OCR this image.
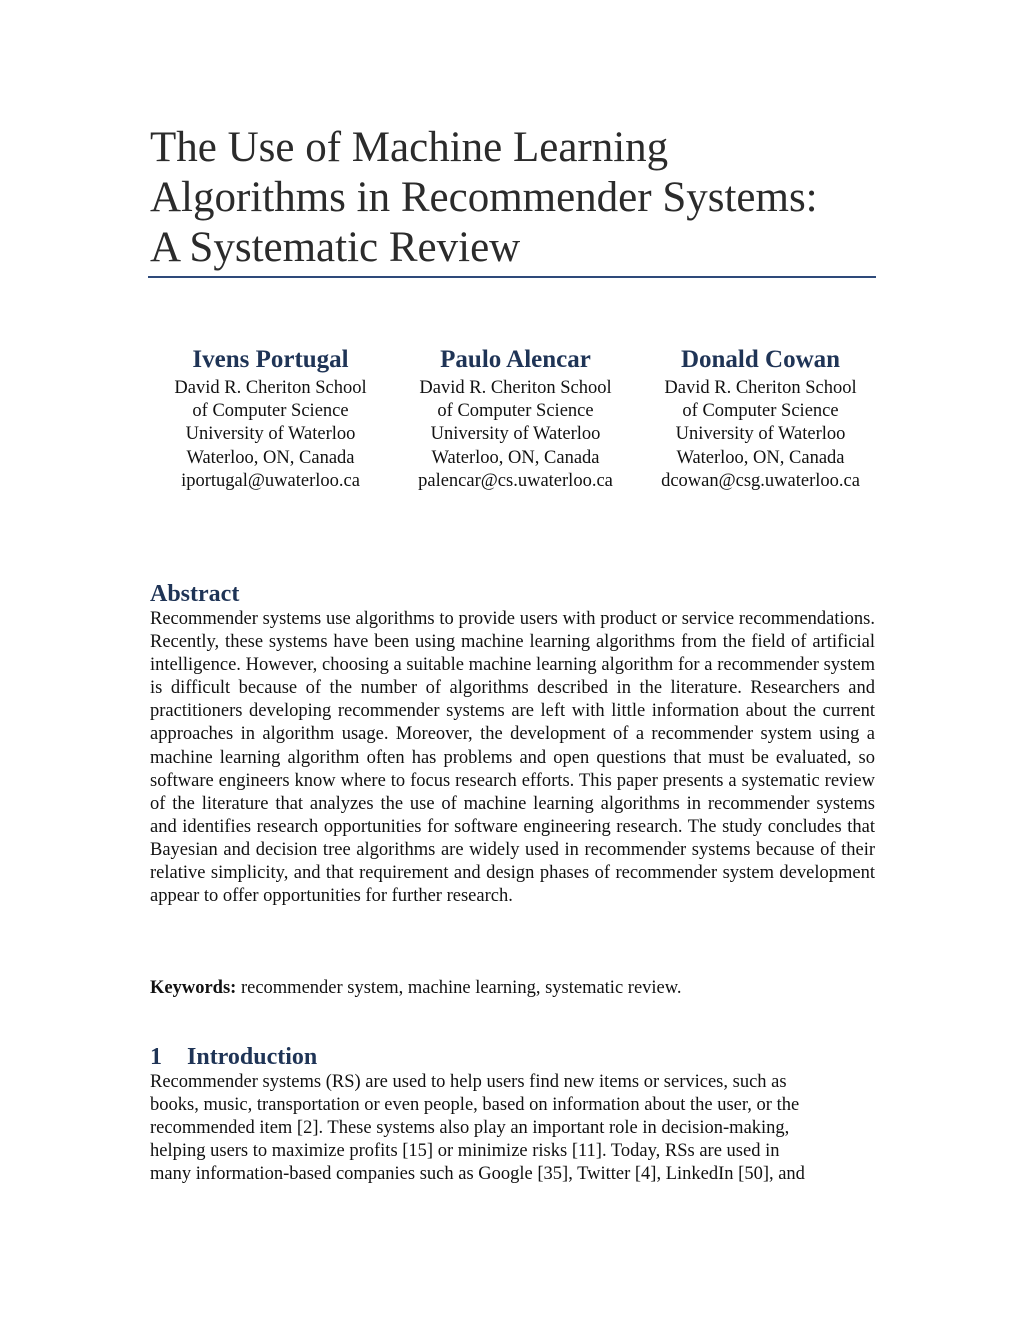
The Use of Machine Learning
Algorithms in Recommender Systems:
A Systematic Review
Ivens Portugal
David R. Cheriton School
of Computer Science
University of Waterloo
Waterloo, ON, Canada
iportugal@uwaterloo.ca
Paulo Alencar
David R. Cheriton School
of Computer Science
University of Waterloo
Waterloo, ON, Canada
palencar@cs.uwaterloo.ca
Donald Cowan
David R. Cheriton School
of Computer Science
University of Waterloo
Waterloo, ON, Canada
dcowan@csg.uwaterloo.ca
Abstract

Recommender systems use algorithms to provide users with product or service recommendations. Recently, these systems have been using machine learning algorithms from the field of artificial intelligence. However, choosing a suitable machine learning algorithm for a recommender system is difficult because of the number of algorithms described in the literature. Researchers and practitioners developing recommender systems are left with little information about the current approaches in algorithm usage. Moreover, the development of a recommender system using a machine learning algorithm often has problems and open questions that must be evaluated, so software engineers know where to focus research efforts. This paper presents a systematic review of the literature that analyzes the use of machine learning algorithms in recommender systems and identifies research opportunities for software engineering research. The study concludes that Bayesian and decision tree algorithms are widely used in recommender systems because of their relative simplicity, and that requirement and design phases of recommender system development appear to offer opportunities for further research.

Keywords: recommender system, machine learning, systematic review.

1 Introduction

Recommender systems (RS) are used to help users find new items or services, such as
books, music, transportation or even people, based on information about the user, or the
recommended item [2]. These systems also play an important role in decision-making,
helping users to maximize profits [15] or minimize risks [11]. Today, RSs are used in
many information-based companies such as Google [35], Twitter [4], LinkedIn [50], and
